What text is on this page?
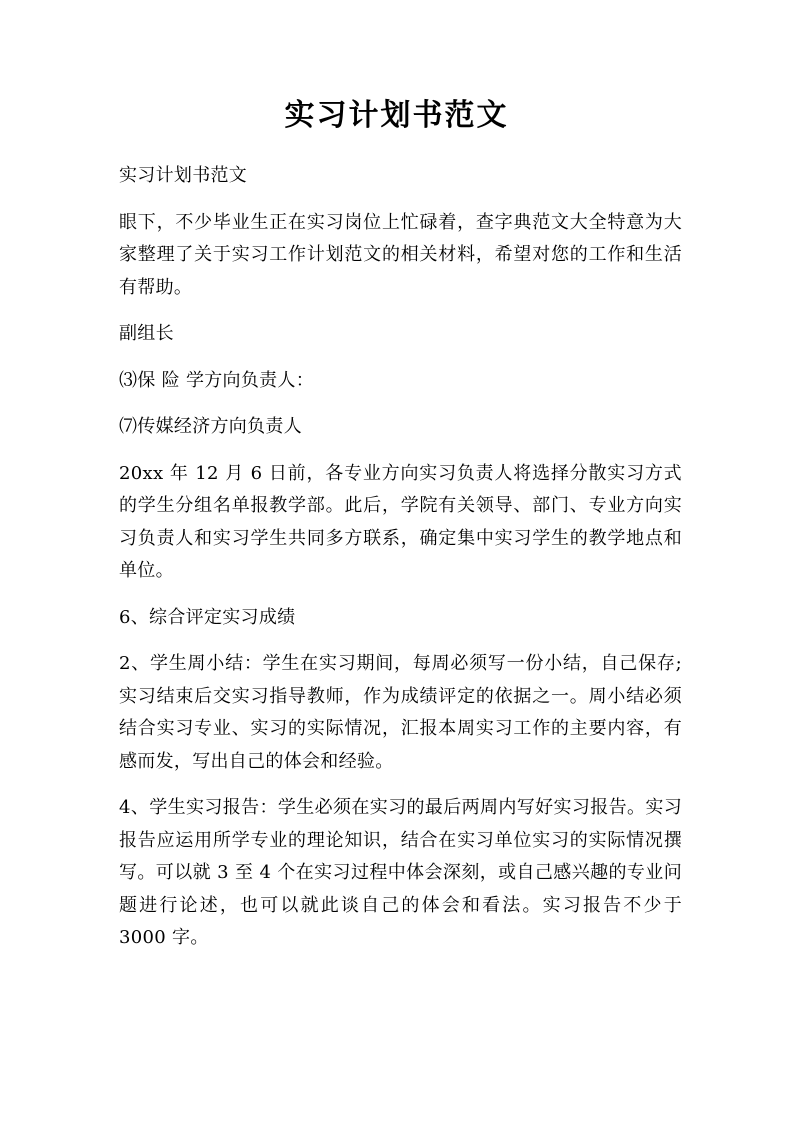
实习计划书范文

实习计划书范文

眼下，不少毕业生正在实习岗位上忙碌着，查字典范文大全特意为大家整理了关于实习工作计划范文的相关材料，希望对您的工作和生活有帮助。

副组长

⑶保 险 学方向负责人：

⑺传媒经济方向负责人

20xx 年 12 月 6 日前，各专业方向实习负责人将选择分散实习方式的学生分组名单报教学部。此后，学院有关领导、部门、专业方向实习负责人和实习学生共同多方联系，确定集中实习学生的教学地点和单位。

6、综合评定实习成绩

2、学生周小结：学生在实习期间，每周必须写一份小结，自己保存;实习结束后交实习指导教师，作为成绩评定的依据之一。周小结必须结合实习专业、实习的实际情况，汇报本周实习工作的主要内容，有感而发，写出自己的体会和经验。

4、学生实习报告：学生必须在实习的最后两周内写好实习报告。实习报告应运用所学专业的理论知识，结合在实习单位实习的实际情况撰写。可以就 3 至 4 个在实习过程中体会深刻，或自己感兴趣的专业问题进行论述，也可以就此谈自己的体会和看法。实习报告不少于 3000 字。
